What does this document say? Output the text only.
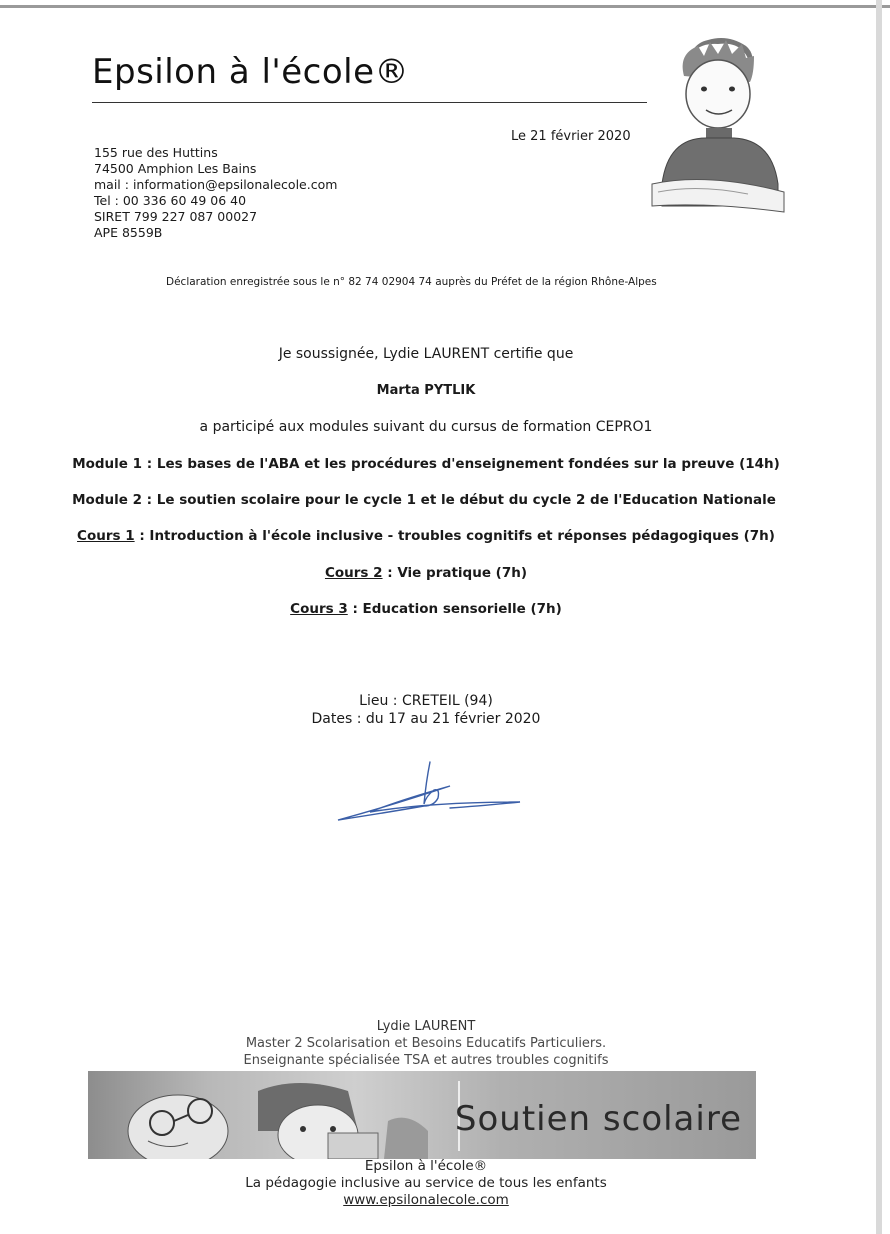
Epsilon à l'école®
Le 21 février 2020
155 rue des Huttins
74500 Amphion Les Bains
mail : information@epsilonalecole.com
Tel : 00 336 60 49 06 40
SIRET 799 227 087 00027
APE 8559B
Déclaration enregistrée sous le n° 82 74 02904 74 auprès du Préfet de la région Rhône-Alpes
Je soussignée, Lydie LAURENT certifie que
Marta PYTLIK
a participé aux modules suivant du cursus de formation CEPRO1
Module 1 : Les bases de l'ABA et les procédures d'enseignement fondées sur la preuve (14h)
Module 2 : Le soutien scolaire pour le cycle 1 et le début du cycle 2 de l'Education Nationale
Cours 1 : Introduction à l'école inclusive - troubles cognitifs et réponses pédagogiques (7h)
Cours 2 : Vie pratique (7h)
Cours 3 : Education sensorielle (7h)
Lieu : CRETEIL (94)
Dates : du 17 au 21 février 2020
Lydie LAURENT
Master 2 Scolarisation et Besoins Educatifs Particuliers.
Enseignante spécialisée TSA et autres troubles cognitifs
Soutien scolaire
Epsilon à l'école®
La pédagogie inclusive au service de tous les enfants
www.epsilonalecole.com
